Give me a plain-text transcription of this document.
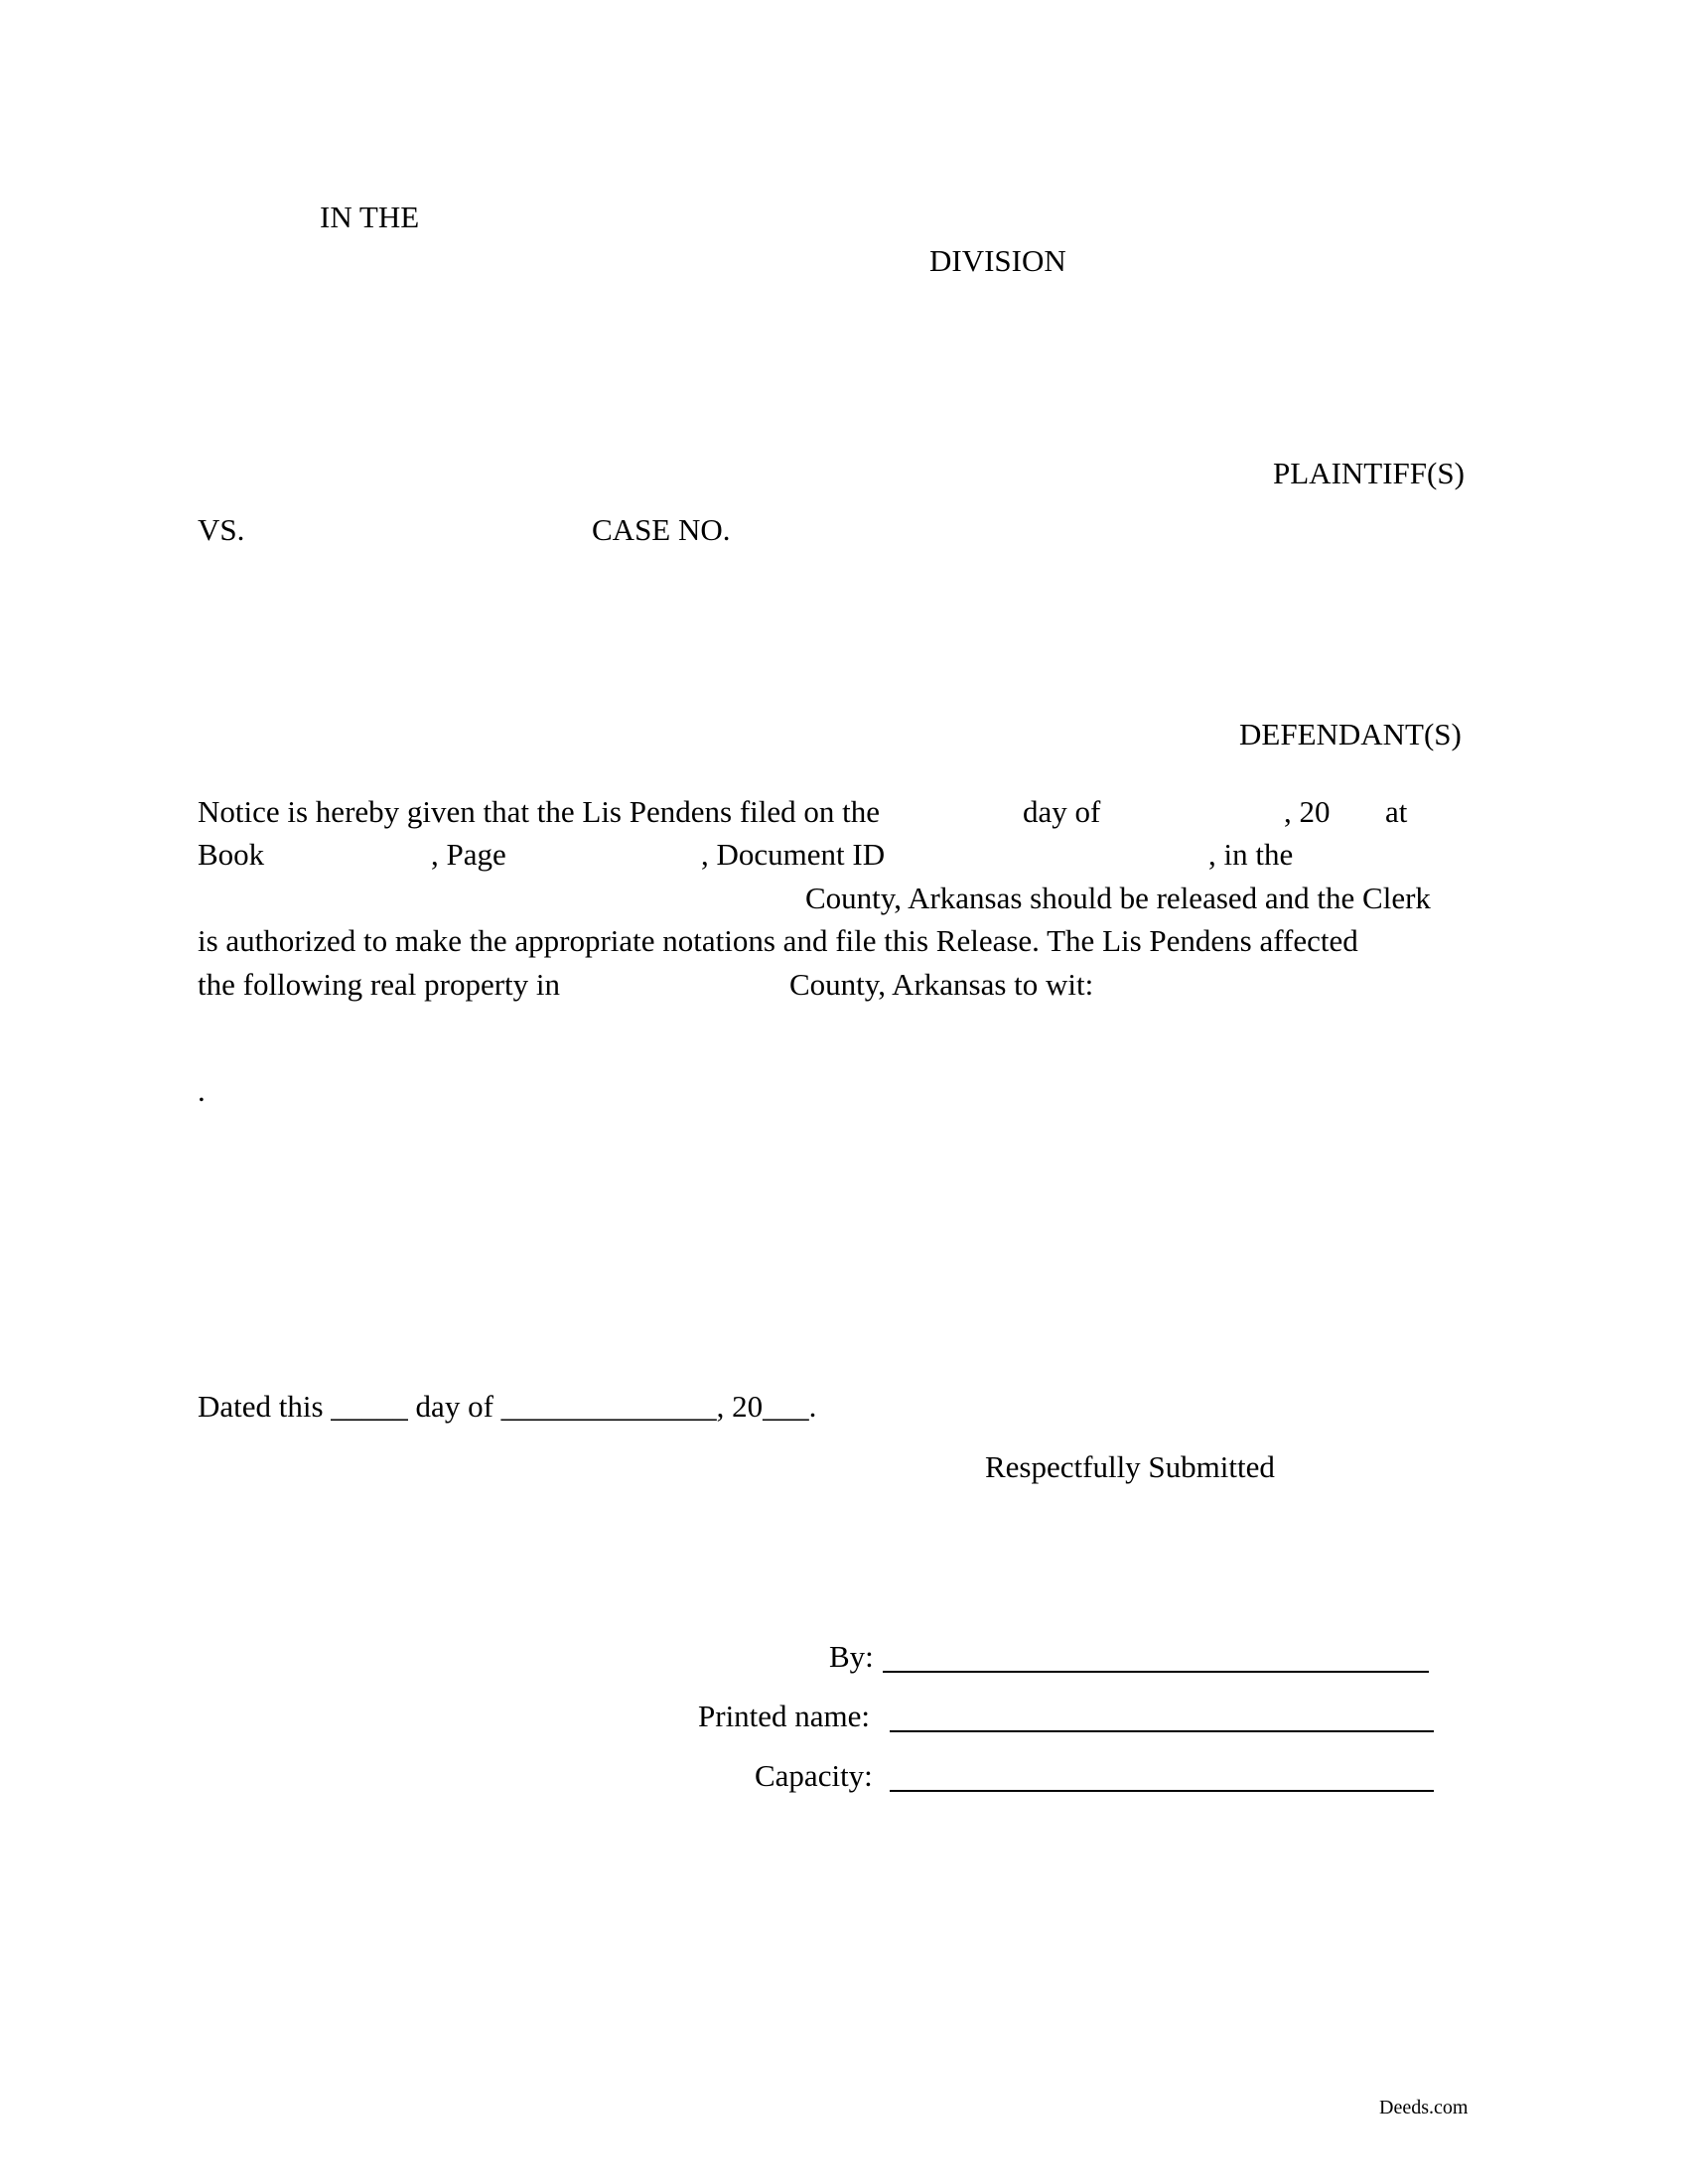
IN THE
DIVISION
PLAINTIFF(S)
VS.	CASE NO.
DEFENDANT(S)
Notice is hereby given that the Lis Pendens filed on the	day of	, 20 at
Book	, Page	, Document ID	, in the
County, Arkansas should be released and the Clerk
is authorized to make the appropriate notations and file this Release. The Lis Pendens affected
the following real property in	County, Arkansas to wit:
.
Dated this _____ day of ______________, 20___.
Respectfully Submitted
By:
Printed name:
Capacity:
Deeds.com
